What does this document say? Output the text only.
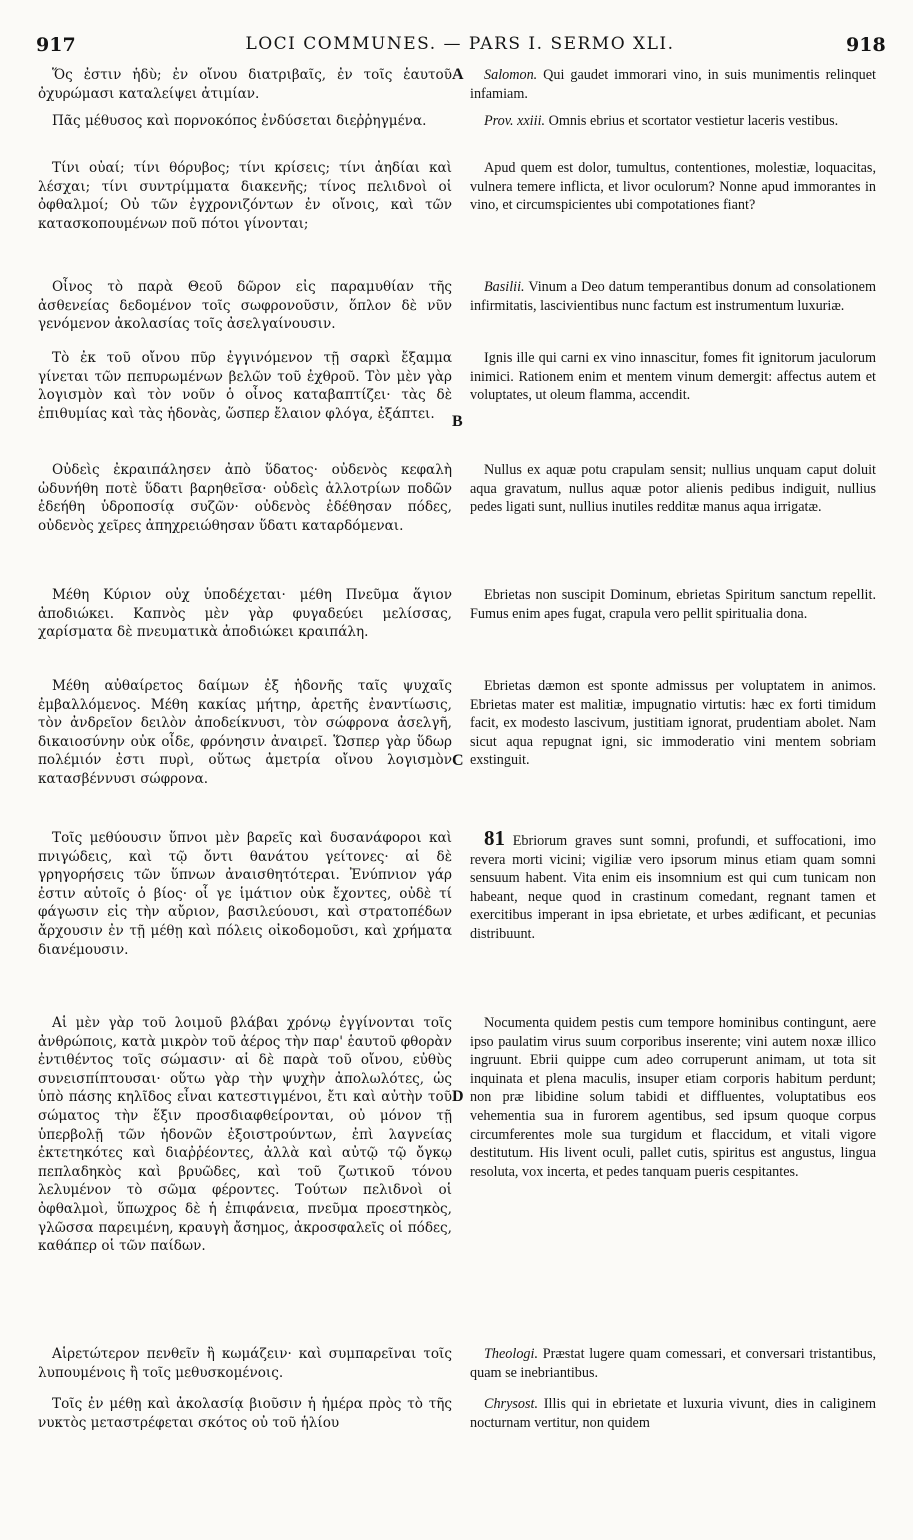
917	LOCI COMMUNES. — PARS I. SERMO XLI.	918
A
B
C
D

Ὅς ἐστιν ἡδὺ; ἐν οἴνου διατριβαῖς, ἐν τοῖς ἑαυτοῦ ὀχυρώμασι καταλείψει ἀτιμίαν.

Πᾶς μέθυσος καὶ πορνοκόπος ἐνδύσεται διεῤῥηγμένα.

Τίνι οὐαί; τίνι θόρυβος; τίνι κρίσεις; τίνι ἀηδίαι καὶ λέσχαι; τίνι συντρίμματα διακενῆς; τίνος πελιδνοὶ οἱ ὀφθαλμοί; Οὐ τῶν ἐγχρονιζόντων ἐν οἴνοις, καὶ τῶν κατασκοπουμένων ποῦ πότοι γίνονται;

Οἶνος τὸ παρὰ Θεοῦ δῶρον εἰς παραμυθίαν τῆς ἀσθενείας δεδομένον τοῖς σωφρονοῦσιν, ὅπλον δὲ νῦν γενόμενον ἀκολασίας τοῖς ἀσελγαίνουσιν.

Τὸ ἐκ τοῦ οἴνου πῦρ ἐγγινόμενον τῇ σαρκὶ ἔξαμμα γίνεται τῶν πεπυρωμένων βελῶν τοῦ ἐχθροῦ. Τὸν μὲν γὰρ λογισμὸν καὶ τὸν νοῦν ὁ οἶνος καταβαπτίζει· τὰς δὲ ἐπιθυμίας καὶ τὰς ἡδονὰς, ὥσπερ ἔλαιον φλόγα, ἐξάπτει.

Οὐδεὶς ἐκραιπάλησεν ἀπὸ ὕδατος· οὐδενὸς κεφαλὴ ὠδυνήθη ποτὲ ὕδατι βαρηθεῖσα· οὐδεὶς ἀλλοτρίων ποδῶν ἐδεήθη ὑδροποσίᾳ συζῶν· οὐδενὸς ἐδέθησαν πόδες, οὐδενὸς χεῖρες ἀπηχρειώθησαν ὕδατι καταρδόμεναι.

Μέθη Κύριον οὐχ ὑποδέχεται· μέθη Πνεῦμα ἅγιον ἀποδιώκει. Καπνὸς μὲν γὰρ φυγαδεύει μελίσσας, χαρίσματα δὲ πνευματικὰ ἀποδιώκει κραιπάλη.

Μέθη αὐθαίρετος δαίμων ἐξ ἡδονῆς ταῖς ψυχαῖς ἐμβαλλόμενος. Μέθη κακίας μήτηρ, ἀρετῆς ἐναντίωσις, τὸν ἀνδρεῖον δειλὸν ἀποδείκνυσι, τὸν σώφρονα ἀσελγῆ, δικαιοσύνην οὐκ οἶδε, φρόνησιν ἀναιρεῖ. Ὥσπερ γὰρ ὕδωρ πολέμιόν ἐστι πυρὶ, οὕτως ἀμετρία οἴνου λογισμὸν κατασβέννυσι σώφρονα.

Τοῖς μεθύουσιν ὕπνοι μὲν βαρεῖς καὶ δυσανάφοροι καὶ πνιγώδεις, καὶ τῷ ὄντι θανάτου γείτονες· αἱ δὲ γρηγορήσεις τῶν ὕπνων ἀναισθητότεραι. Ἐνύπνιον γάρ ἐστιν αὐτοῖς ὁ βίος· οἷ γε ἱμάτιον οὐκ ἔχοντες, οὐδὲ τί φάγωσιν εἰς τὴν αὔριον, βασιλεύουσι, καὶ στρατοπέδων ἄρχουσιν ἐν τῇ μέθῃ καὶ πόλεις οἰκοδομοῦσι, καὶ χρήματα διανέμουσιν.

Αἱ μὲν γὰρ τοῦ λοιμοῦ βλάβαι χρόνῳ ἐγγίνονται τοῖς ἀνθρώποις, κατὰ μικρὸν τοῦ ἀέρος τὴν παρ' ἑαυτοῦ φθορὰν ἐντιθέντος τοῖς σώμασιν· αἱ δὲ παρὰ τοῦ οἴνου, εὐθὺς συνεισπίπτουσαι· οὕτω γὰρ τὴν ψυχὴν ἀπολωλότες, ὡς ὑπὸ πάσης κηλῖδος εἶναι κατεστιγμένοι, ἔτι καὶ αὐτὴν τοῦ σώματος τὴν ἕξιν προσδιαφθείρονται, οὐ μόνον τῇ ὑπερβολῇ τῶν ἡδονῶν ἐξοιστρούντων, ἐπὶ λαγνείας ἐκτετηκότες καὶ διαῤῥέοντες, ἀλλὰ καὶ αὐτῷ τῷ ὄγκῳ πεπλαδηκὸς καὶ βρυῶδες, καὶ τοῦ ζωτικοῦ τόνου λελυμένον τὸ σῶμα φέροντες. Τούτων πελιδνοὶ οἱ ὀφθαλμοὶ, ὕπωχρος δὲ ἡ ἐπιφάνεια, πνεῦμα προεστηκὸς, γλῶσσα παρειμένη, κραυγὴ ἄσημος, ἀκροσφαλεῖς οἱ πόδες, καθάπερ οἱ τῶν παίδων.

Αἱρετώτερον πενθεῖν ἢ κωμάζειν· καὶ συμπαρεῖναι τοῖς λυπουμένοις ἢ τοῖς μεθυσκομένοις.

Τοῖς ἐν μέθῃ καὶ ἀκολασίᾳ βιοῦσιν ἡ ἡμέρα πρὸς τὸ τῆς νυκτὸς μεταστρέφεται σκότος οὐ τοῦ ἡλίου

Salomon. Qui gaudet immorari vino, in suis munimentis relinquet infamiam.

Prov. xxiii. Omnis ebrius et scortator vestietur laceris vestibus.

Apud quem est dolor, tumultus, contentiones, molestiæ, loquacitas, vulnera temere inflicta, et livor oculorum? Nonne apud immorantes in vino, et circumspicientes ubi compotationes fiant?

Basilii. Vinum a Deo datum temperantibus donum ad consolationem infirmitatis, lascivientibus nunc factum est instrumentum luxuriæ.

Ignis ille qui carni ex vino innascitur, fomes fit ignitorum jaculorum inimici. Rationem enim et mentem vinum demergit: affectus autem et voluptates, ut oleum flamma, accendit.

Nullus ex aquæ potu crapulam sensit; nullius unquam caput doluit aqua gravatum, nullus aquæ potor alienis pedibus indiguit, nullius pedes ligati sunt, nullius inutiles redditæ manus aqua irrigatæ.

Ebrietas non suscipit Dominum, ebrietas Spiritum sanctum repellit. Fumus enim apes fugat, crapula vero pellit spiritualia dona.

Ebrietas dæmon est sponte admissus per voluptatem in animos. Ebrietas mater est malitiæ, impugnatio virtutis: hæc ex forti timidum facit, ex modesto lascivum, justitiam ignorat, prudentiam abolet. Nam sicut aqua repugnat igni, sic immoderatio vini mentem sobriam exstinguit.

81 Ebriorum graves sunt somni, profundi, et suffocationi, imo revera morti vicini; vigiliæ vero ipsorum minus etiam quam somni sensuum habent. Vita enim eis insomnium est qui cum tunicam non habeant, neque quod in crastinum comedant, regnant tamen et exercitibus imperant in ipsa ebrietate, et urbes ædificant, et pecunias distribuunt.

Nocumenta quidem pestis cum tempore hominibus contingunt, aere ipso paulatim virus suum corporibus inserente; vini autem noxæ illico ingruunt. Ebrii quippe cum adeo corruperunt animam, ut tota sit inquinata et plena maculis, insuper etiam corporis habitum perdunt; non præ libidine solum tabidi et diffluentes, voluptatibus eos vehementia sua in furorem agentibus, sed ipsum quoque corpus circumferentes mole sua turgidum et flaccidum, et vitali vigore destitutum. His livent oculi, pallet cutis, spiritus est angustus, lingua resoluta, vox incerta, et pedes tanquam pueris cespitantes.

Theologi. Præstat lugere quam comessari, et conversari tristantibus, quam se inebriantibus.

Chrysost. Illis qui in ebrietate et luxuria vivunt, dies in caliginem nocturnam vertitur, non quidem
